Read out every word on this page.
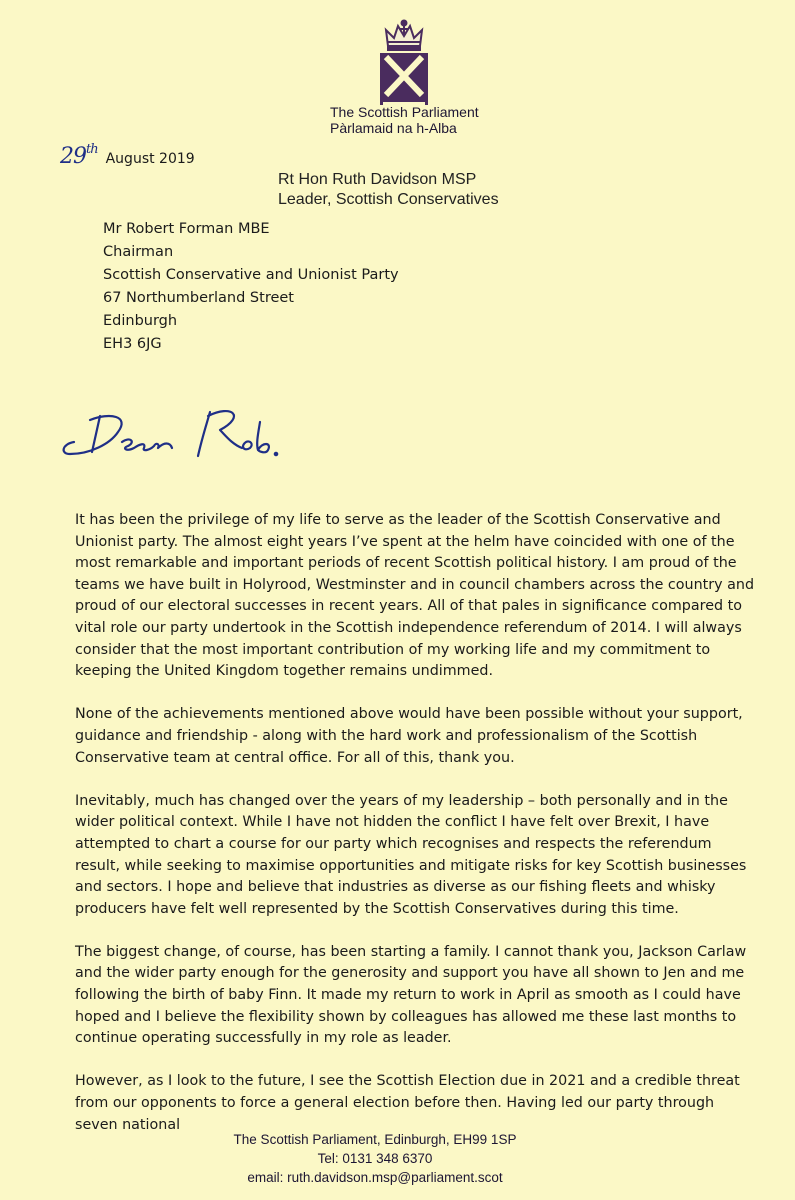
The Scottish Parliament
Pàrlamaid na h-Alba
29thAugust 2019
Rt Hon Ruth Davidson MSP
Leader, Scottish Conservatives
Mr Robert Forman MBE
Chairman
Scottish Conservative and Unionist Party
67 Northumberland Street
Edinburgh
EH3 6JG

It has been the privilege of my life to serve as the leader of the Scottish Conservative and Unionist party. The almost eight years I’ve spent at the helm have coincided with one of the most remarkable and important periods of recent Scottish political history. I am proud of the teams we have built in Holyrood, Westminster and in council chambers across the country and proud of our electoral successes in recent years. All of that pales in significance compared to vital role our party undertook in the Scottish independence referendum of 2014. I will always consider that the most important contribution of my working life and my commitment to keeping the United Kingdom together remains undimmed.

None of the achievements mentioned above would have been possible without your support, guidance and friendship - along with the hard work and professionalism of the Scottish Conservative team at central office. For all of this, thank you.

Inevitably, much has changed over the years of my leadership – both personally and in the wider political context. While I have not hidden the conflict I have felt over Brexit, I have attempted to chart a course for our party which recognises and respects the referendum result, while seeking to maximise opportunities and mitigate risks for key Scottish businesses and sectors. I hope and believe that industries as diverse as our fishing fleets and whisky producers have felt well represented by the Scottish Conservatives during this time.

The biggest change, of course, has been starting a family. I cannot thank you, Jackson Carlaw and the wider party enough for the generosity and support you have all shown to Jen and me following the birth of baby Finn. It made my return to work in April as smooth as I could have hoped and I believe the flexibility shown by colleagues has allowed me these last months to continue operating successfully in my role as leader.

However, as I look to the future, I see the Scottish Election due in 2021 and a credible threat from our opponents to force a general election before then. Having led our party through seven national

The Scottish Parliament, Edinburgh, EH99 1SP
Tel: 0131 348 6370
email: ruth.davidson.msp@parliament.scot
